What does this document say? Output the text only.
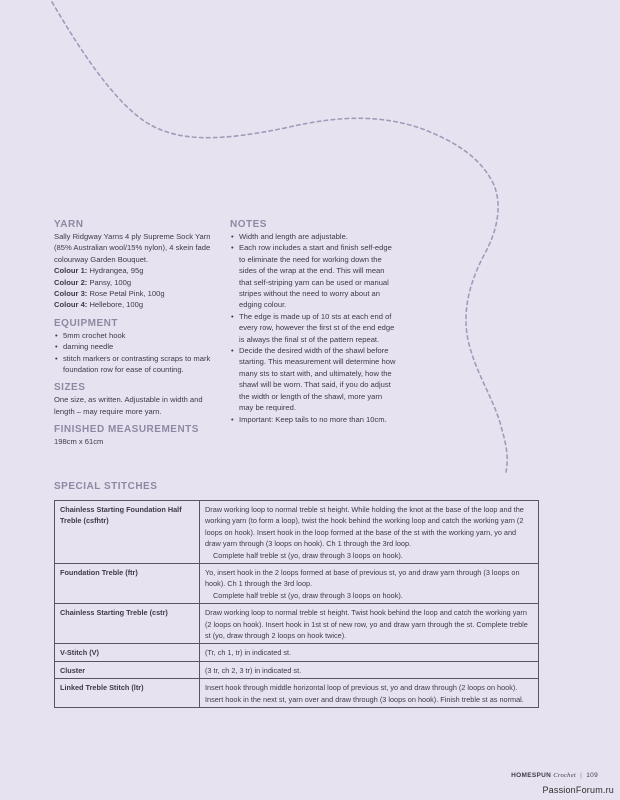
YARN

Sally Ridgway Yarns 4 ply Supreme Sock Yarn (85% Australian wool/15% nylon), 4 skein fade colourway Garden Bouquet.

Colour 1: Hydrangea, 95g

Colour 2: Pansy, 100g

Colour 3: Rose Petal Pink, 100g

Colour 4: Hellebore, 100g

EQUIPMENT
• 5mm crochet hook
• darning needle
• stitch markers or contrasting scraps to mark foundation row for ease of counting.
SIZES

One size, as written. Adjustable in width and length – may require more yarn.

FINISHED MEASUREMENTS

198cm x 61cm

NOTES
• Width and length are adjustable.
• Each row includes a start and finish self-edge to eliminate the need for working down the sides of the wrap at the end. This will mean that self-striping yarn can be used or manual stripes without the need to worry about an edging colour.
• The edge is made up of 10 sts at each end of every row, however the first st of the end edge is always the final st of the pattern repeat.
• Decide the desired width of the shawl before starting. This measurement will determine how many sts to start with, and ultimately, how the shawl will be worn. That said, if you do adjust the width or length of the shawl, more yarn may be required.
• Important: Keep tails to no more than 10cm.
SPECIAL STITCHES
Chainless Starting Foundation Half Treble (csfhtr)	Draw working loop to normal treble st height. While holding the knot at the base of the loop and the working yarn (to form a loop), twist the hook behind the working loop and catch the working yarn (2 loops on hook). Insert hook in the loop formed at the base of the st with the working yarn, yo and draw yarn through (3 loops on hook). Ch 1 through the 3rd loop.
Complete half treble st (yo, draw through 3 loops on hook).

Foundation Treble (ftr)	Yo, insert hook in the 2 loops formed at base of previous st, yo and draw yarn through (3 loops on hook). Ch 1 through the 3rd loop.
Complete half treble st (yo, draw through 3 loops on hook).

Chainless Starting Treble (cstr)	Draw working loop to normal treble st height. Twist hook behind the loop and catch the working yarn (2 loops on hook). Insert hook in 1st st of new row, yo and draw yarn through the st. Complete treble st (yo, draw through 2 loops on hook twice).
V-Stitch (V)	(Tr, ch 1, tr) in indicated st.
Cluster	(3 tr, ch 2, 3 tr) in indicated st.
Linked Treble Stitch (ltr)	Insert hook through middle horizontal loop of previous st, yo and draw through (2 loops on hook). Insert hook in the next st, yarn over and draw through (3 loops on hook). Finish treble st as normal.
HOMESPUN Crochet | 109
PassionForum.ru
